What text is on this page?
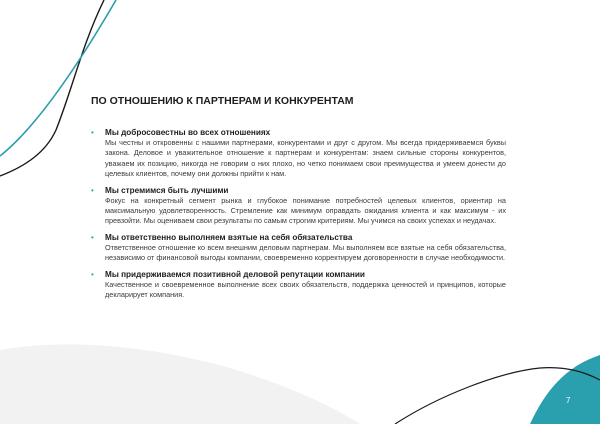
ПО ОТНОШЕНИЮ К ПАРТНЕРАМ И КОНКУРЕНТАМ
• Мы добросовестны во всех отношениях
Мы честны и откровенны с нашими партнерами, конкурентами и друг с другом. Мы всегда придерживаемся буквы закона. Деловое и уважительное отношение к партнерам и конкурентам: знаем сильные стороны конкурентов, уважаем их позицию, никогда не говорим о них плохо, но четко понимаем свои преимущества и умеем донести до целевых клиентов, почему они должны прийти к нам.
• Мы стремимся быть лучшими
Фокус на конкретный сегмент рынка и глубокое понимание потребностей целевых клиентов, ориентир на максимальную удовлетворенность. Стремление как минимум оправдать ожидания клиента и как максимум - их превзойти. Мы оцениваем свои результаты по самым строгим критериям. Мы учимся на своих успехах и неудачах.
• Мы ответственно выполняем взятые на себя обязательства
Ответственное отношение ко всем внешним деловым партнерам. Мы выполняем все взятые на себя обязательства, независимо от финансовой выгоды компании, своевременно корректируем договоренности в случае необходимости.
• Мы придерживаемся позитивной деловой репутации компании
Качественное и своевременное выполнение всех своих обязательств, поддержка ценностей и принципов, которые декларирует компания.
7
